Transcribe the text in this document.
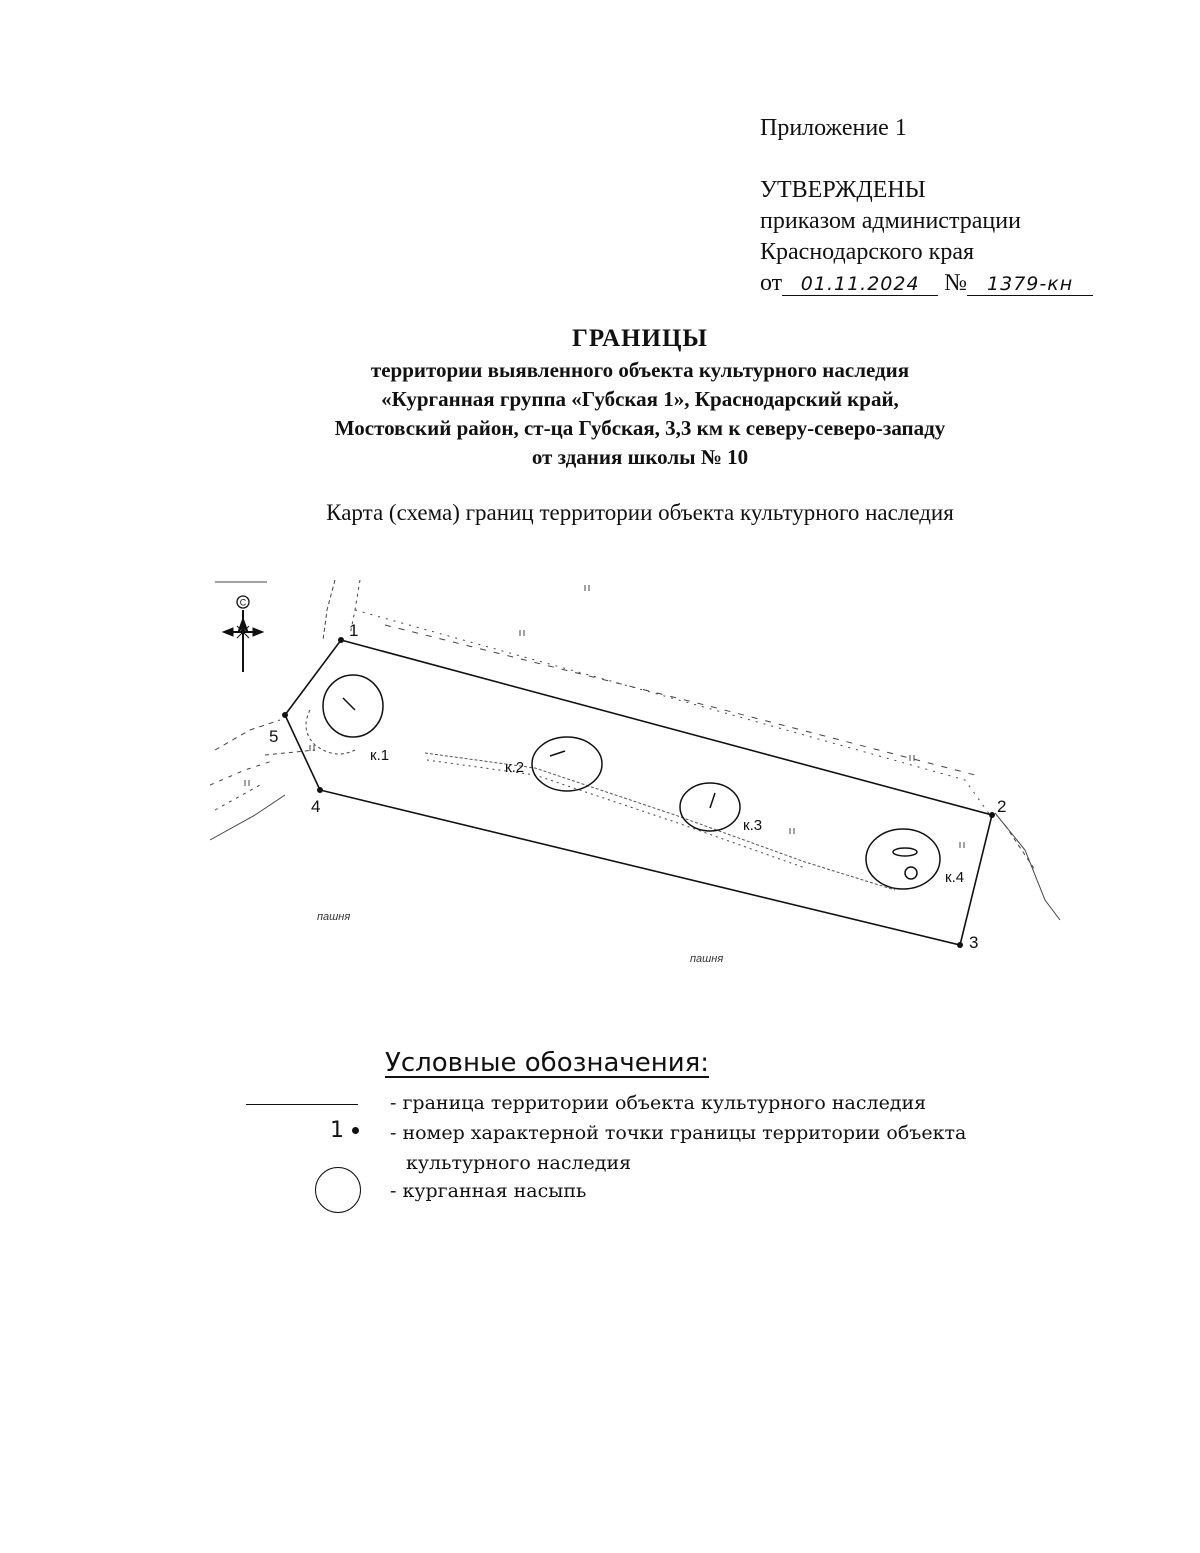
Приложение 1
УТВЕРЖДЕНЫ
приказом администрации
Краснодарского края
от 01.11.2024 № 1379-кн
ГРАНИЦЫ
территории выявленного объекта культурного наследия
«Курганная группа «Губская 1», Краснодарский край,
Мостовский район, ст-ца Губская, 3,3 км к северу-северо-западу
от здания школы № 10
Карта (схема) границ территории объекта культурного наследия
С
1
2
3
4
5
к.1
к.2
к.3
к.4
пашня
пашня
Условные обозначения:
- граница территории объекта культурного наследия
1 - номер характерной точки границы территории объекта
культурного наследия
- курганная насыпь
